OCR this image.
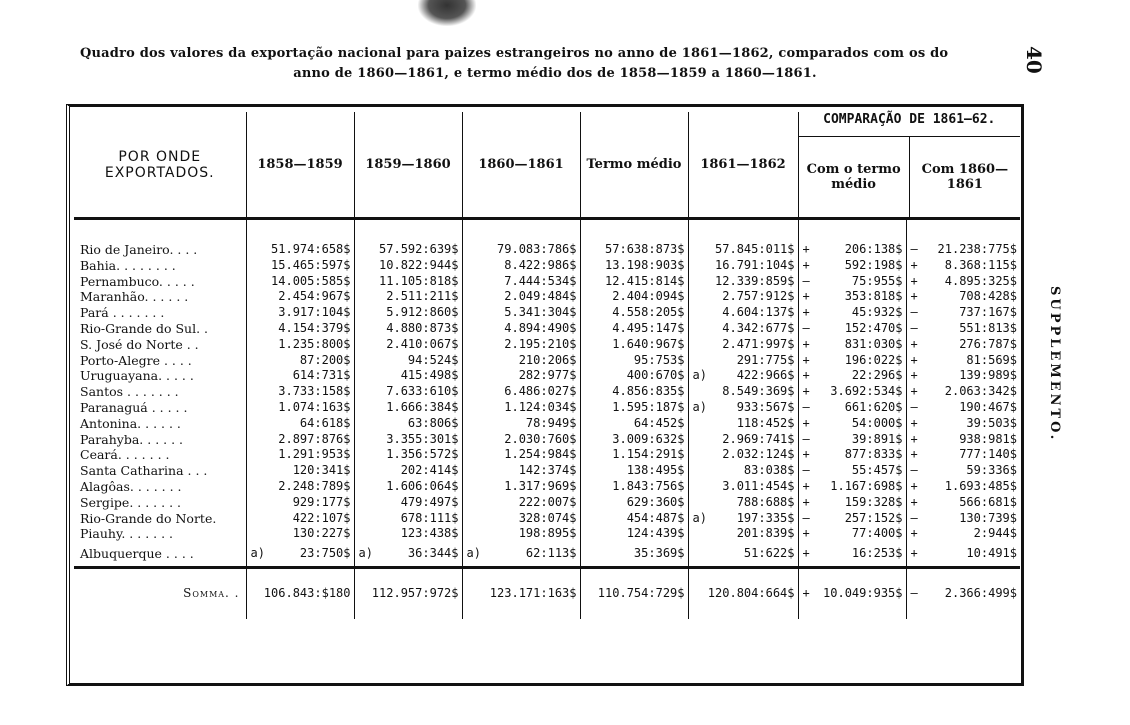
40
Quadro dos valores da exportação nacional para paizes estrangeiros no anno de 1861—1862, comparados com os do
anno de 1860—1861, e termo médio dos de 1858—1859 a 1860—1861.
SUPPLEMENTO.
POR ONDE EXPORTADOS.	1858—1859	1859—1860	1860—1861	Termo médio	1861—1862	COMPARAÇÃO DE 1861—62.
Com o termo médio
Com 1860—1861	

Rio de Janeiro. . . .	51.974:658$	57.592:639$	79.083:786$	57:638:873$	57.845:011$	+ 206:138$	— 21.238:775$
Bahia. . . . . . . .	15.465:597$	10.822:944$	8.422:986$	13.198:903$	16.791:104$	+ 592:198$	+ 8.368:115$
Pernambuco. . . . .	14.005:585$	11.105:818$	7.444:534$	12.415:814$	12.339:859$	— 75:955$	+ 4.895:325$
Maranhão. . . . . .	2.454:967$	2.511:211$	2.049:484$	2.404:094$	2.757:912$	+ 353:818$	+ 708:428$
Pará . . . . . . .	3.917:104$	5.912:860$	5.341:304$	4.558:205$	4.604:137$	+ 45:932$	— 737:167$
Rio-Grande do Sul. .	4.154:379$	4.880:873$	4.894:490$	4.495:147$	4.342:677$	— 152:470$	— 551:813$
S. José do Norte . .	1.235:800$	2.410:067$	2.195:210$	1.640:967$	2.471:997$	+ 831:030$	+ 276:787$
Porto-Alegre . . . .	87:200$	94:524$	210:206$	95:753$	291:775$	+ 196:022$	+ 81:569$
Uruguayana. . . . .	614:731$	415:498$	282:977$	400:670$	a) 422:966$	+ 22:296$	+ 139:989$
Santos . . . . . . .	3.733:158$	7.633:610$	6.486:027$	4.856:835$	8.549:369$	+ 3.692:534$	+ 2.063:342$
Paranaguá . . . . .	1.074:163$	1.666:384$	1.124:034$	1.595:187$	a) 933:567$	— 661:620$	— 190:467$
Antonina. . . . . .	64:618$	63:806$	78:949$	64:452$	118:452$	+ 54:000$	+ 39:503$
Parahyba. . . . . .	2.897:876$	3.355:301$	2.030:760$	3.009:632$	2.969:741$	— 39:891$	+ 938:981$
Ceará. . . . . . .	1.291:953$	1.356:572$	1.254:984$	1.154:291$	2.032:124$	+ 877:833$	+ 777:140$
Santa Catharina . . .	120:341$	202:414$	142:374$	138:495$	83:038$	— 55:457$	— 59:336$
Alagôas. . . . . . .	2.248:789$	1.606:064$	1.317:969$	1.843:756$	3.011:454$	+ 1.167:698$	+ 1.693:485$
Sergipe. . . . . . .	929:177$	479:497$	222:007$	629:360$	788:688$	+ 159:328$	+ 566:681$
Rio-Grande do Norte.	422:107$	678:111$	328:074$	454:487$	a) 197:335$	— 257:152$	— 130:739$
Piauhy. . . . . . .	130:227$	123:438$	198:895$	124:439$	201:839$	+ 77:400$	+ 2:944$
Albuquerque . . . .	a) 23:750$	a) 36:344$	a) 62:113$	35:369$	51:622$	+ 16:253$	+ 10:491$
Somma. .	106.843:$180	112.957:972$	123.171:163$	110.754:729$	120.804:664$	+ 10.049:935$	— 2.366:499$
